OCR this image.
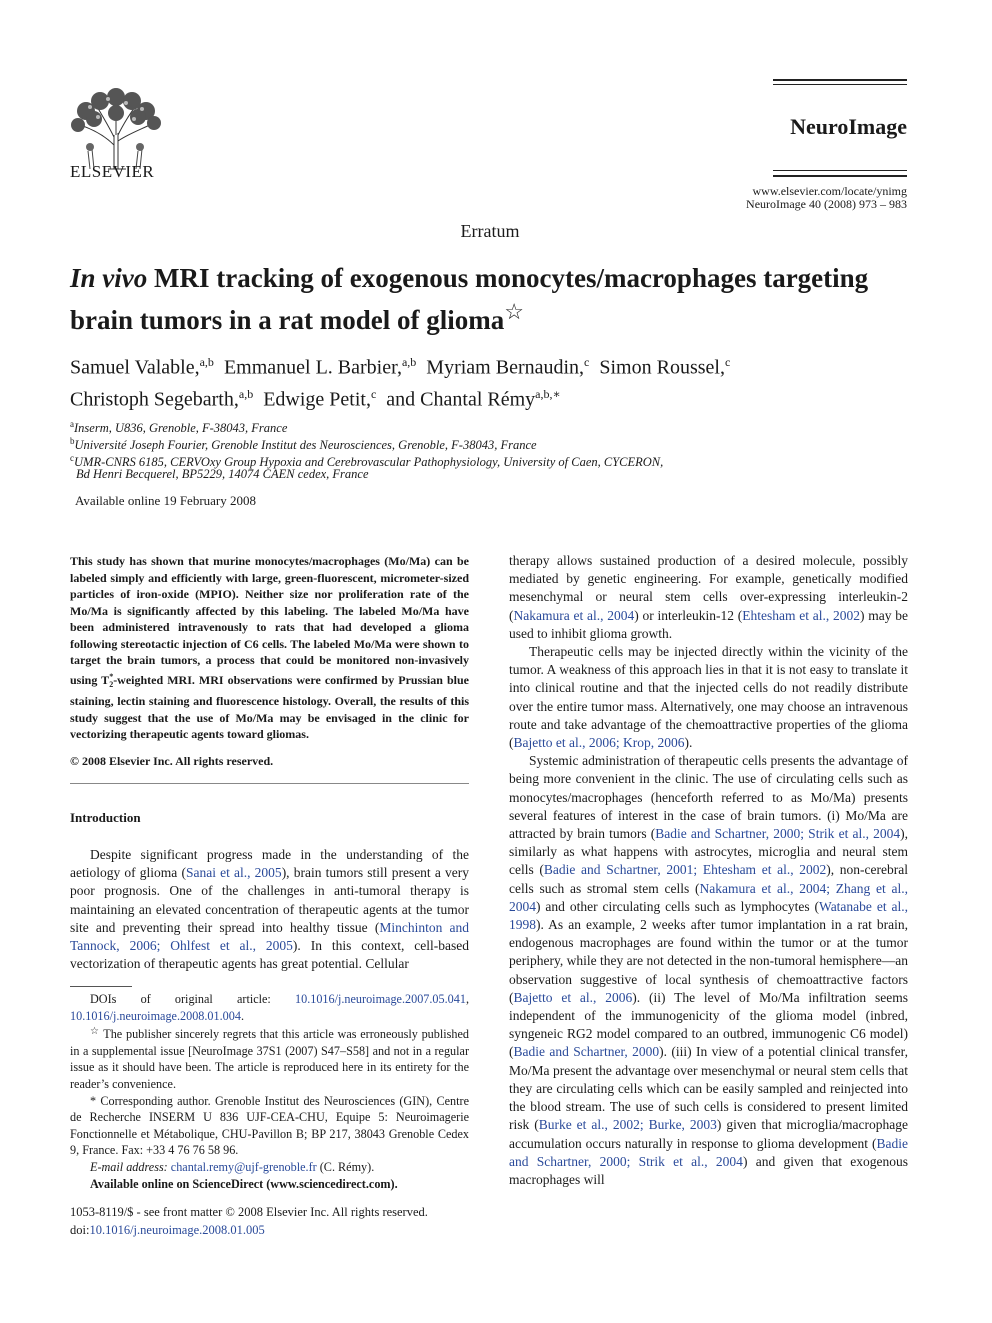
ELSEVIER
NeuroImage
www.elsevier.com/locate/ynimg
NeuroImage 40 (2008) 973 – 983
Erratum
In vivo MRI tracking of exogenous monocytes/macrophages targeting brain tumors in a rat model of glioma☆
Samuel Valable,$^{a,b}$ Emmanuel L. Barbier,$^{a,b}$ Myriam Bernaudin,$^c$ Simon Roussel,$^c$
Christoph Segebarth,$^{a,b}$ Edwige Petit,$^c$ and Chantal Rémy$^{a,b,∗}$
$^a$Inserm, U836, Grenoble, F-38043, France
$^b$Université Joseph Fourier, Grenoble Institut des Neurosciences, Grenoble, F-38043, France
$^c$UMR-CNRS 6185, CERVOxy Group Hypoxia and Cerebrovascular Pathophysiology, University of Caen, CYCERON,
Bd Henri Becquerel, BP5229, 14074 CAEN cedex, France
Available online 19 February 2008
This study has shown that murine monocytes/macrophages (Mo/Ma) can be labeled simply and efficiently with large, green-fluorescent, micrometer-sized particles of iron-oxide (MPIO). Neither size nor proliferation rate of the Mo/Ma is significantly affected by this labeling. The labeled Mo/Ma have been administered intravenously to rats that had developed a glioma following stereotactic injection of C6 cells. The labeled Mo/Ma were shown to target the brain tumors, a process that could be monitored non-invasively using $T^*_2$-weighted MRI. MRI observations were confirmed by Prussian blue staining, lectin staining and fluorescence histology. Overall, the results of this study suggest that the use of Mo/Ma may be envisaged in the clinic for vectorizing therapeutic agents toward gliomas.
© 2008 Elsevier Inc. All rights reserved.
Introduction

Despite significant progress made in the understanding of the aetiology of glioma (Sanai et al., 2005), brain tumors still present a very poor prognosis. One of the challenges in anti-tumoral therapy is maintaining an elevated concentration of therapeutic agents at the tumor site and preventing their spread into healthy tissue (Minchinton and Tannock, 2006; Ohlfest et al., 2005). In this context, cell-based vectorization of therapeutic agents has great potential. Cellular

DOIs of original article: 10.1016/j.neuroimage.2007.05.041, 10.1016/j.neuroimage.2008.01.004.

☆ The publisher sincerely regrets that this article was erroneously published in a supplemental issue [NeuroImage 37S1 (2007) S47–S58] and not in a regular issue as it should have been. The article is reproduced here in its entirety for the reader’s convenience.

* Corresponding author. Grenoble Institut des Neurosciences (GIN), Centre de Recherche INSERM U 836 UJF-CEA-CHU, Equipe 5: Neuroimagerie Fonctionnelle et Métabolique, CHU-Pavillon B; BP 217, 38043 Grenoble Cedex 9, France. Fax: +33 4 76 76 58 96.

E-mail address: chantal.remy@ujf-grenoble.fr (C. Rémy).

Available online on ScienceDirect (www.sciencedirect.com).

1053-8119/$ - see front matter © 2008 Elsevier Inc. All rights reserved.
doi:10.1016/j.neuroimage.2008.01.005

therapy allows sustained production of a desired molecule, possibly mediated by genetic engineering. For example, genetically modified mesenchymal or neural stem cells over-expressing interleukin-2 (Nakamura et al., 2004) or interleukin-12 (Ehtesham et al., 2002) may be used to inhibit glioma growth.

Therapeutic cells may be injected directly within the vicinity of the tumor. A weakness of this approach lies in that it is not easy to translate it into clinical routine and that the injected cells do not readily distribute over the entire tumor mass. Alternatively, one may choose an intravenous route and take advantage of the chemoattractive properties of the glioma (Bajetto et al., 2006; Krop, 2006).

Systemic administration of therapeutic cells presents the advantage of being more convenient in the clinic. The use of circulating cells such as monocytes/macrophages (henceforth referred to as Mo/Ma) presents several features of interest in the case of brain tumors. (i) Mo/Ma are attracted by brain tumors (Badie and Schartner, 2000; Strik et al., 2004), similarly as what happens with astrocytes, microglia and neural stem cells (Badie and Schartner, 2001; Ehtesham et al., 2002), non-cerebral cells such as stromal stem cells (Nakamura et al., 2004; Zhang et al., 2004) and other circulating cells such as lymphocytes (Watanabe et al., 1998). As an example, 2 weeks after tumor implantation in a rat brain, endogenous macrophages are found within the tumor or at the tumor periphery, while they are not detected in the non-tumoral hemisphere—an observation suggestive of local synthesis of chemoattractive factors (Bajetto et al., 2006). (ii) The level of Mo/Ma infiltration seems independent of the immunogenicity of the glioma model (inbred, syngeneic RG2 model compared to an outbred, immunogenic C6 model) (Badie and Schartner, 2000). (iii) In view of a potential clinical transfer, Mo/Ma present the advantage over mesenchymal or neural stem cells that they are circulating cells which can be easily sampled and reinjected into the blood stream. The use of such cells is considered to present limited risk (Burke et al., 2002; Burke, 2003) given that microglia/macrophage accumulation occurs naturally in response to glioma development (Badie and Schartner, 2000; Strik et al., 2004) and given that exogenous macrophages will
